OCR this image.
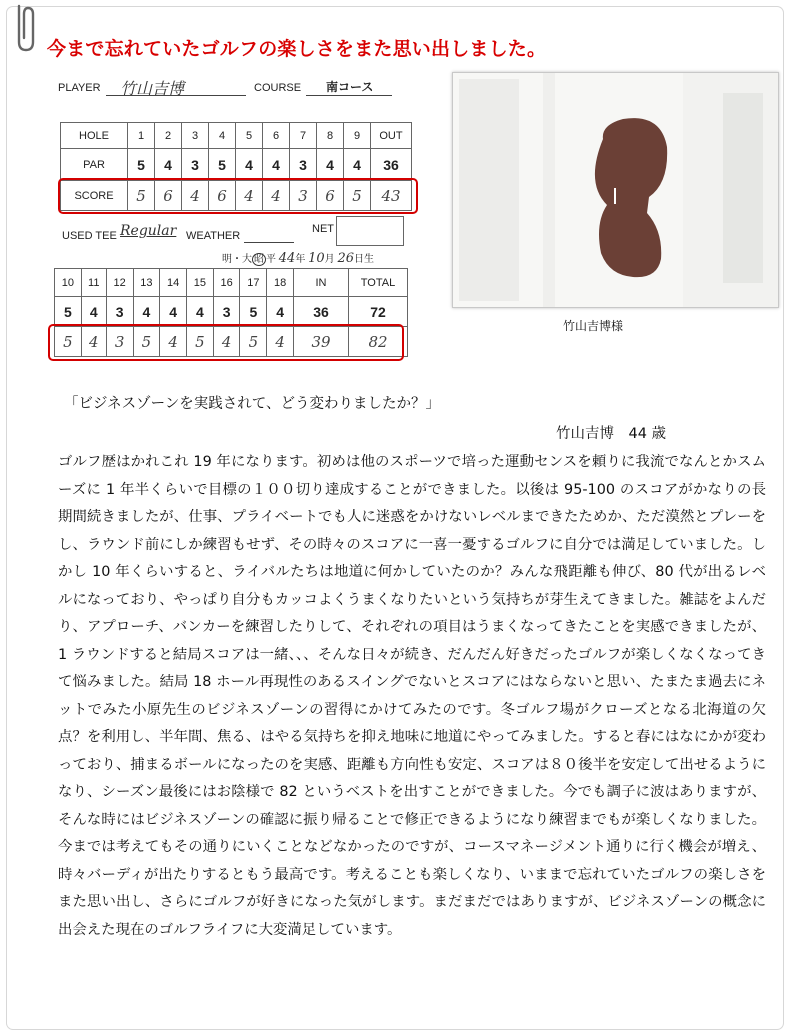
今まで忘れていたゴルフの楽しさをまた思い出しました。
PLAYER 竹山吉博	COURSE 南コース
HOLE	1	2	3	4	5	6	7	8	9	OUT
PAR	5	4	3	5	4	4	3	4	4	36
SCORE	5	6	4	6	4	4	3	6	5	43
USED TEE Regular WEATHER
NET
明・大 昭 平 44年 10月 26日生
10	11	12	13	14	15	16	17	18	IN	TOTAL
5	4	3	4	4	4	3	5	4	36	72
5	4	3	5	4	5	4	5	4	39	82
竹山吉博様
「ビジネスゾーンを実践されて、どう変わりましたか？」
竹山吉博　44 歳

ゴルフ歴はかれこれ 19 年になります。初めは他のスポーツで培った運動センスを頼りに我流でなんとかスムーズに 1 年半くらいで目標の１００切り達成することができました。以後は 95-100 のスコアがかなりの長期間続きましたが、仕事、プライベートでも人に迷惑をかけないレベルまできたためか、ただ漠然とプレーをし、ラウンド前にしか練習もせず、その時々のスコアに一喜一憂するゴルフに自分では満足していました。しかし 10 年くらいすると、ライバルたちは地道に何かしていたのか？みんな飛距離も伸び、80 代が出るレベルになっており、やっぱり自分もカッコよくうまくなりたいという気持ちが芽生えてきました。雑誌をよんだり、アプローチ、バンカーを練習したりして、それぞれの項目はうまくなってきたことを実感できましたが、1 ラウンドすると結局スコアは一緒、、、そんな日々が続き、だんだん好きだったゴルフが楽しくなくなってきて悩みました。結局 18 ホール再現性のあるスイングでないとスコアにはならないと思い、たまたま過去にネットでみた小原先生のビジネスゾーンの習得にかけてみたのです。冬ゴルフ場がクローズとなる北海道の欠点？を利用し、半年間、焦る、はやる気持ちを抑え地味に地道にやってみました。すると春にはなにかが変わっており、捕まるボールになったのを実感、距離も方向性も安定、スコアは８０後半を安定して出せるようになり、シーズン最後にはお陰様で 82 というベストを出すことができました。今でも調子に波はありますが、そんな時にはビジネスゾーンの確認に振り帰ることで修正できるようになり練習までもが楽しくなりました。今までは考えてもその通りにいくことなどなかったのですが、コースマネージメント通りに行く機会が増え、時々バーディが出たりするともう最高です。考えることも楽しくなり、いままで忘れていたゴルフの楽しさをまた思い出し、さらにゴルフが好きになった気がします。まだまだではありますが、ビジネスゾーンの概念に出会えた現在のゴルフライフに大変満足しています。
